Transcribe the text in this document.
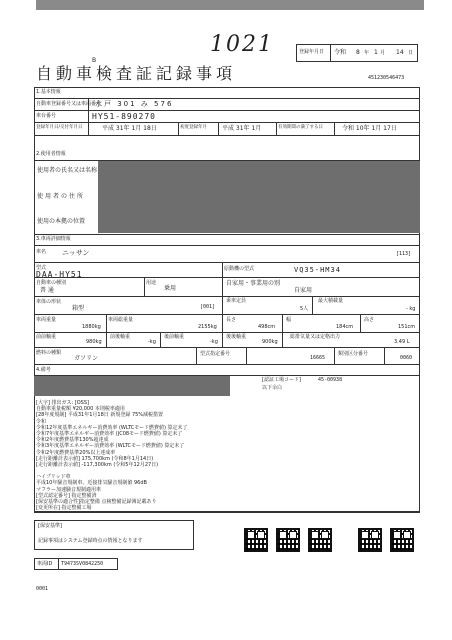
1021
B
登録年月日 令和 8 年 1 月 14 日
自動車検査証記録事項	451230546473
1.基本情報
自動車登録番号又は車両番号
水戸 301 み 576
車台番号	HY51-890270
登録年月日/交付年月日	平成 31年 1月 18日	初度登録年月	平成 31年 1月	有効期間の満了する日	令和 10年 1月 17日
2.使用者情報
使用者の氏名又は名称
使用者の住所
使用の本拠の位置
3.車両詳細情報
車名 ニッサン	[113]
型式
DAA-HY51
原動機の型式	VQ35-HM34
自動車の種別
普 通
用途
乗用
自家用・事業用の別
自家用
車体の形状
箱型	[001]
乗車定員
5人
最大積載量
- kg
車両重量
1880kg
車両総重量
2155kg
長さ
498cm
幅
184cm
高さ
151cm
前前軸重
980kg
前後軸重
-kg
後前軸重
-kg
後後軸重
900kg
総排気量又は定格出力
3.49 L
燃料の種類
ガソリン
型式指定番号
16665
類別区分番号
0060
4.備考
[認証工場コード]	45-00938
以下余白
[大字] 排出ガス: [OSS]
自動車重量税額 ¥20,000 本則税率適用
[28年度規制] 平成31年1月18日 新規登録 75%減税措置
令和
令和12年度基準エネルギー消費効率 (WLTCモード燃費値) 算定未了
令和7年度基準エネルギー消費効率 (JC08モード燃費値) 算定未了
令和2年度燃費基準130%超達成
令和3年度基準エネルギー消費効率 (WLTCモード燃費値) 算定未了
令和2年度燃費基準20%以上達成率
[走行距離計表示値] 175,700km (令和8年1月14日)
[走行距離計表示値] -117,300km (令和5年12月27日)
ハイブリッド車
平成10年騒音規制車、近接排気騒音規制値 96dB
マフラー加速騒音規制適用車
[型式認定番号] 指定整備済
[保安基準の適合性]指定整備 点検整備記録簿記載あり
[変更所在] 指定整備工場
[保安基準]
記録事項はシステム登録時点の情報となります
車両ID T9473SV0842250
0001
